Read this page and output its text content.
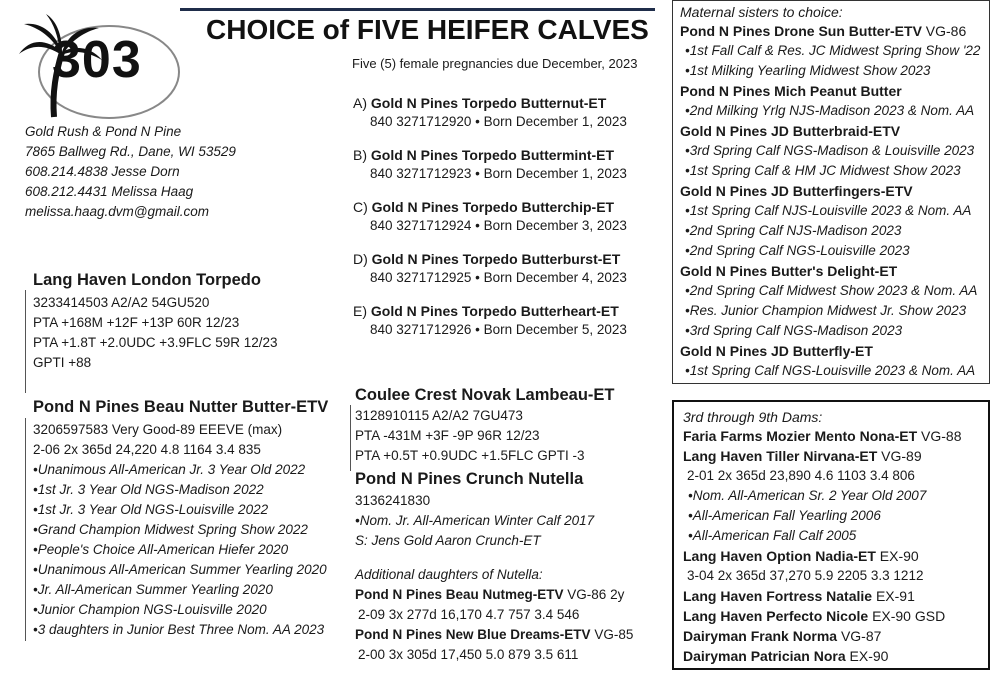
303
CHOICE of FIVE HEIFER CALVES
Five (5) female pregnancies due December, 2023
Gold Rush & Pond N Pine
7865 Ballweg Rd., Dane, WI 53529
608.214.4838 Jesse Dorn
608.212.4431 Melissa Haag
melissa.haag.dvm@gmail.com
A) Gold N Pines Torpedo Butternut-ET
840 3271712920 • Born December 1, 2023
B) Gold N Pines Torpedo Buttermint-ET
840 3271712923 • Born December 1, 2023
C) Gold N Pines Torpedo Butterchip-ET
840 3271712924 • Born December 3, 2023
D) Gold N Pines Torpedo Butterburst-ET
840 3271712925 • Born December 4, 2023
E) Gold N Pines Torpedo Butterheart-ET
840 3271712926 • Born December 5, 2023
Lang Haven London Torpedo
3233414503 A2/A2 54GU520
PTA +168M +12F +13P 60R 12/23
PTA +1.8T +2.0UDC +3.9FLC 59R 12/23
GPTI +88
Pond N Pines Beau Nutter Butter-ETV
3206597583 Very Good-89 EEEVE (max)
2-06 2x 365d 24,220 4.8 1164 3.4 835
•Unanimous All-American Jr. 3 Year Old 2022
•1st Jr. 3 Year Old NGS-Madison 2022
•1st Jr. 3 Year Old NGS-Louisville 2022
•Grand Champion Midwest Spring Show 2022
•People's Choice All-American Hiefer 2020
•Unanimous All-American Summer Yearling 2020
•Jr. All-American Summer Yearling 2020
•Junior Champion NGS-Louisville 2020
•3 daughters in Junior Best Three Nom. AA 2023
Coulee Crest Novak Lambeau-ET
3128910115 A2/A2 7GU473
PTA -431M +3F -9P 96R 12/23
PTA +0.5T +0.9UDC +1.5FLC GPTI -3
Pond N Pines Crunch Nutella
3136241830
•Nom. Jr. All-American Winter Calf 2017
S: Jens Gold Aaron Crunch-ET
Additional daughters of Nutella:
Pond N Pines Beau Nutmeg-ETV VG-86 2y
2-09 3x 277d 16,170 4.7 757 3.4 546
Pond N Pines New Blue Dreams-ETV VG-85
2-00 3x 305d 17,450 5.0 879 3.5 611
Maternal sisters to choice:
Pond N Pines Drone Sun Butter-ETV VG-86
•1st Fall Calf & Res. JC Midwest Spring Show '22
•1st Milking Yearling Midwest Show 2023
Pond N Pines Mich Peanut Butter
•2nd Milking Yrlg NJS-Madison 2023 & Nom. AA
Gold N Pines JD Butterbraid-ETV
•3rd Spring Calf NGS-Madison & Louisville 2023
•1st Spring Calf & HM JC Midwest Show 2023
Gold N Pines JD Butterfingers-ETV
•1st Spring Calf NJS-Louisville 2023 & Nom. AA
•2nd Spring Calf NJS-Madison 2023
•2nd Spring Calf NGS-Louisville 2023
Gold N Pines Butter's Delight-ET
•2nd Spring Calf Midwest Show 2023 & Nom. AA
•Res. Junior Champion Midwest Jr. Show 2023
•3rd Spring Calf NGS-Madison 2023
Gold N Pines JD Butterfly-ET
•1st Spring Calf NGS-Louisville 2023 & Nom. AA
3rd through 9th Dams:
Faria Farms Mozier Mento Nona-ET VG-88
Lang Haven Tiller Nirvana-ET VG-89
2-01 2x 365d 23,890 4.6 1103 3.4 806
•Nom. All-American Sr. 2 Year Old 2007
•All-American Fall Yearling 2006
•All-American Fall Calf 2005
Lang Haven Option Nadia-ET EX-90
3-04 2x 365d 37,270 5.9 2205 3.3 1212
Lang Haven Fortress Natalie EX-91
Lang Haven Perfecto Nicole EX-90 GSD
Dairyman Frank Norma VG-87
Dairyman Patrician Nora EX-90
